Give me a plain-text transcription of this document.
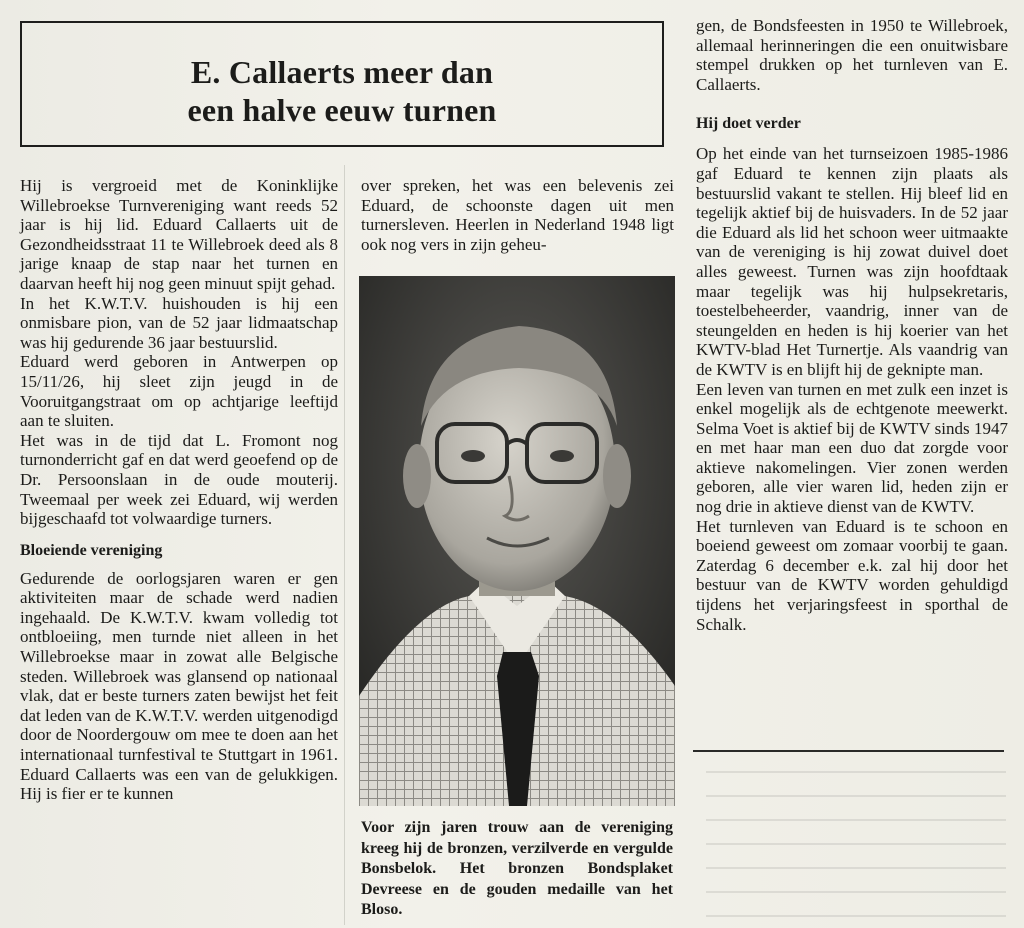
E. Callaerts meer dan
een halve eeuw turnen

Hij is vergroeid met de Koninklijke Willebroekse Turnvereniging want reeds 52 jaar is hij lid. Eduard Callaerts uit de Gezondheidsstraat 11 te Willebroek deed als 8 jarige knaap de stap naar het turnen en daarvan heeft hij nog geen minuut spijt gehad.

In het K.W.T.V. huishouden is hij een onmisbare pion, van de 52 jaar lidmaatschap was hij gedurende 36 jaar bestuurslid.

Eduard werd geboren in Antwerpen op 15/11/26, hij sleet zijn jeugd in de Vooruitgangstraat om op achtjarige leeftijd aan te sluiten.

Het was in de tijd dat L. Fromont nog turnonderricht gaf en dat werd geoefend op de Dr. Persoonslaan in de oude mouterij. Tweemaal per week zei Eduard, wij werden bijgeschaafd tot volwaardige turners.

Bloeiende vereniging

Gedurende de oorlogsjaren waren er gen aktiviteiten maar de schade werd nadien ingehaald. De K.W.T.V. kwam volledig tot ontbloeiing, men turnde niet alleen in het Willebroekse maar in zowat alle Belgische steden. Willebroek was glansend op nationaal vlak, dat er beste turners zaten bewijst het feit dat leden van de K.W.T.V. werden uitgenodigd door de Noordergouw om mee te doen aan het internationaal turnfestival te Stuttgart in 1961. Eduard Callaerts was een van de gelukkigen. Hij is fier er te kunnen

over spreken, het was een belevenis zei Eduard, de schoonste dagen uit men turnersleven. Heerlen in Nederland 1948 ligt ook nog vers in zijn geheu-

Voor zijn jaren trouw aan de vereniging kreeg hij de bronzen, verzilverde en vergulde Bonsbelok. Het bronzen Bondsplaket Devreese en de gouden medaille van het Bloso.

gen, de Bondsfeesten in 1950 te Willebroek, allemaal herinneringen die een onuitwisbare stempel drukken op het turnleven van E. Callaerts.

Hij doet verder

Op het einde van het turnseizoen 1985-1986 gaf Eduard te kennen zijn plaats als bestuurslid vakant te stellen. Hij bleef lid en tegelijk aktief bij de huisvaders. In de 52 jaar die Eduard als lid het schoon weer uitmaakte van de vereniging is hij zowat duivel doet alles geweest. Turnen was zijn hoofdtaak maar tegelijk was hij hulpsekretaris, toestelbeheerder, vaandrig, inner van de steungelden en heden is hij koerier van het KWTV-blad Het Turnertje. Als vaandrig van de KWTV is en blijft hij de geknipte man.

Een leven van turnen en met zulk een inzet is enkel mogelijk als de echtgenote meewerkt. Selma Voet is aktief bij de KWTV sinds 1947 en met haar man een duo dat zorgde voor aktieve nakomelingen. Vier zonen werden geboren, alle vier waren lid, heden zijn er nog drie in aktieve dienst van de KWTV.

Het turnleven van Eduard is te schoon en boeiend geweest om zomaar voorbij te gaan. Zaterdag 6 december e.k. zal hij door het bestuur van de KWTV worden gehuldigd tijdens het verjaringsfeest in sporthal de Schalk.
